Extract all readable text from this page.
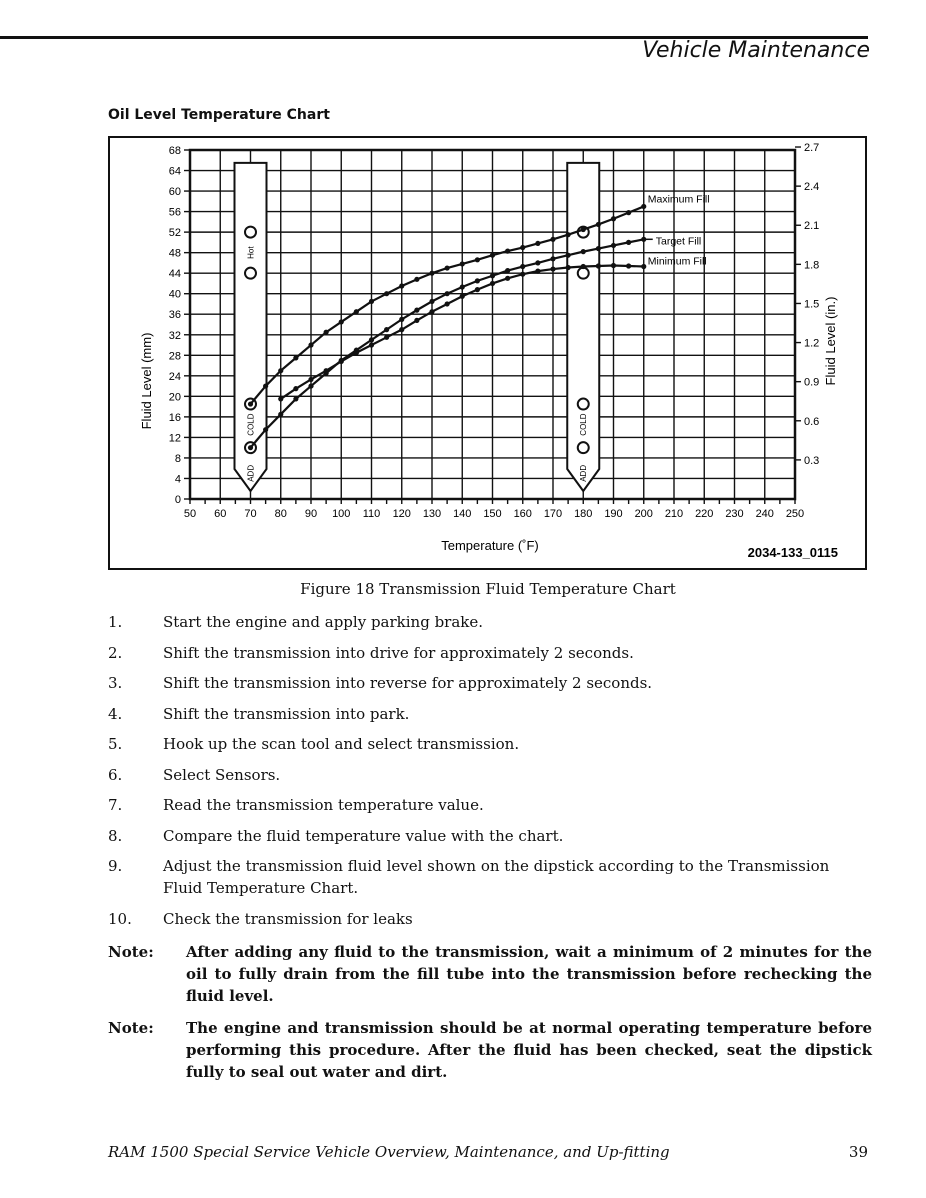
Vehicle Maintenance
Oil Level Temperature Chart
Hot
COLD
ADD
COLD
ADD
Maximum Fill
Target Fill
Minimum Fill
50 60 70 80 90 100 110 120 130 140 150 160 170 180 190 200 210 220 230 240 250
0
4
8
12
16
20
24
28
32
36
40
44
48
52
56
60
64
68
0.3
0.6
0.9
1.2
1.5
1.8
2.1
2.4
2.7
Fluid Level (mm)	Fluid Level (in.)
Temperature (˚F)	2034-133_0115
Figure 18 Transmission Fluid Temperature Chart
1.	Start the engine and apply parking brake.
2.	Shift the transmission into drive for approximately 2 seconds.
3.	Shift the transmission into reverse for approximately 2 seconds.
4.	Shift the transmission into park.
5.	Hook up the scan tool and select transmission.
6.	Select Sensors.
7.	Read the transmission temperature value.
8.	Compare the fluid temperature value with the chart.
9.	Adjust the transmission fluid level shown on the dipstick according to the Transmission Fluid Temperature Chart.
10. Check the transmission for leaks
Note: After adding any fluid to the transmission, wait a minimum of 2 minutes for the oil to fully drain from the fill tube into the transmission before rechecking the fluid level.
Note: The engine and transmission should be at normal operating temperature before performing this procedure. After the fluid has been checked, seat the dipstick fully to seal out water and dirt.
RAM 1500 Special Service Vehicle Overview, Maintenance, and Up-fitting	39
